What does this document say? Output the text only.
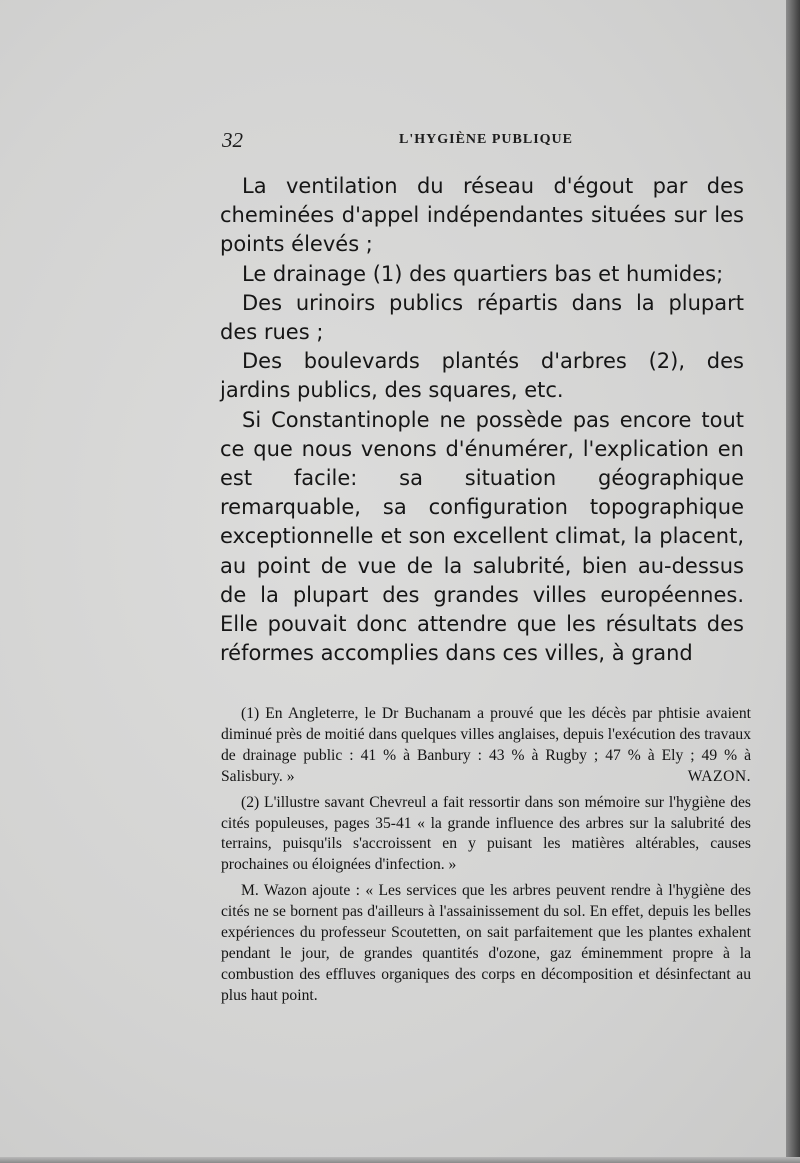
32	L'HYGIÈNE PUBLIQUE

La ventilation du réseau d'égout par des cheminées d'appel indépendantes situées sur les points élevés ;

Le drainage (1) des quartiers bas et humides;

Des urinoirs publics répartis dans la plupart des rues ;

Des boulevards plantés d'arbres (2), des jardins publics, des squares, etc.

Si Constantinople ne possède pas encore tout ce que nous venons d'énumérer, l'explication en est facile: sa situation géographique remarquable, sa configuration topographique exceptionnelle et son excellent climat, la placent, au point de vue de la salubrité, bien au-dessus de la plupart des grandes villes européennes. Elle pouvait donc attendre que les résultats des réformes accomplies dans ces villes, à grand

(1) En Angleterre, le Dr Buchanam a prouvé que les décès par phtisie avaient diminué près de moitié dans quelques villes anglaises, depuis l'exécution des travaux de drainage public : 41 % à Banbury : 43 % à Rugby ; 47 % à Ely ; 49 % à Salisbury. »	WAZON.

(2) L'illustre savant Chevreul a fait ressortir dans son mémoire sur l'hygiène des cités populeuses, pages 35-41 « la grande influence des arbres sur la salubrité des terrains, puisqu'ils s'accroissent en y puisant les matières altérables, causes prochaines ou éloignées d'infection. »

M. Wazon ajoute : « Les services que les arbres peuvent rendre à l'hygiène des cités ne se bornent pas d'ailleurs à l'assainissement du sol. En effet, depuis les belles expériences du professeur Scoutetten, on sait parfaitement que les plantes exhalent pendant le jour, de grandes quantités d'ozone, gaz éminemment propre à la combustion des effluves organiques des corps en décomposition et désinfectant au plus haut point.
